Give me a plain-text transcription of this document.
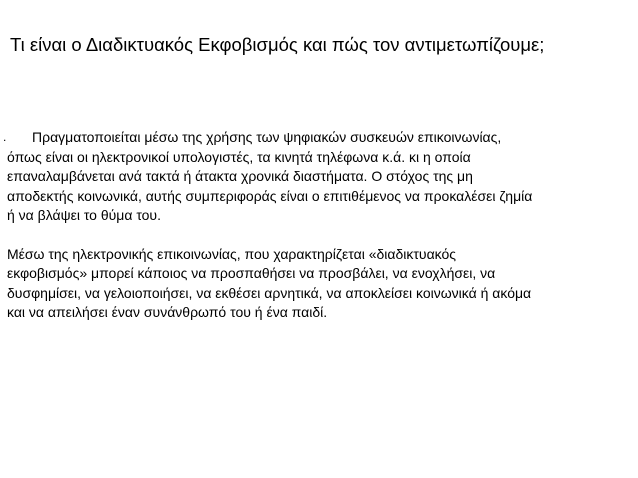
Τι είναι ο Διαδικτυακός Εκφοβισμός και πώς τον αντιμετωπίζουμε;
.	Πραγματοποιείται μέσω της χρήσης των ψηφιακών συσκευών επικοινωνίας,
όπως είναι οι ηλεκτρονικοί υπολογιστές, τα κινητά τηλέφωνα κ.ά. κι η οποία
επαναλαμβάνεται ανά τακτά ή άτακτα χρονικά διαστήματα. Ο στόχος της μη
αποδεκτής κοινωνικά, αυτής συμπεριφοράς είναι ο επιτιθέμενος να προκαλέσει ζημία
ή να βλάψει το θύμα του.
Μέσω της ηλεκτρονικής επικοινωνίας, που χαρακτηρίζεται «διαδικτυακός
εκφοβισμός» μπορεί κάποιος να προσπαθήσει να προσβάλει, να ενοχλήσει, να
δυσφημίσει, να γελοιοποιήσει, να εκθέσει αρνητικά, να αποκλείσει κοινωνικά ή ακόμα
και να απειλήσει έναν συνάνθρωπό του ή ένα παιδί.
